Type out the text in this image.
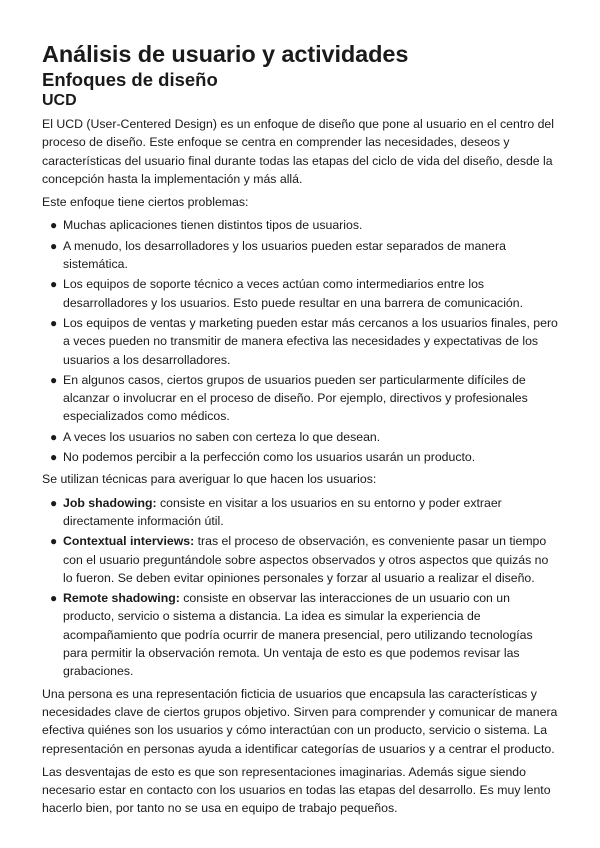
Análisis de usuario y actividades
Enfoques de diseño
UCD

El UCD (User-Centered Design) es un enfoque de diseño que pone al usuario en el centro del proceso de diseño. Este enfoque se centra en comprender las necesidades, deseos y características del usuario final durante todas las etapas del ciclo de vida del diseño, desde la concepción hasta la implementación y más allá.

Este enfoque tiene ciertos problemas:

● Muchas aplicaciones tienen distintos tipos de usuarios.
● A menudo, los desarrolladores y los usuarios pueden estar separados de manera sistemática.
● Los equipos de soporte técnico a veces actúan como intermediarios entre los desarrolladores y los usuarios. Esto puede resultar en una barrera de comunicación.
● Los equipos de ventas y marketing pueden estar más cercanos a los usuarios finales, pero a veces pueden no transmitir de manera efectiva las necesidades y expectativas de los usuarios a los desarrolladores.
● En algunos casos, ciertos grupos de usuarios pueden ser particularmente difíciles de alcanzar o involucrar en el proceso de diseño. Por ejemplo, directivos y profesionales especializados como médicos.
● A veces los usuarios no saben con certeza lo que desean.
● No podemos percibir a la perfección como los usuarios usarán un producto.

Se utilizan técnicas para averiguar lo que hacen los usuarios:

● Job shadowing: consiste en visitar a los usuarios en su entorno y poder extraer directamente información útil.
● Contextual interviews: tras el proceso de observación, es conveniente pasar un tiempo con el usuario preguntándole sobre aspectos observados y otros aspectos que quizás no lo fueron. Se deben evitar opiniones personales y forzar al usuario a realizar el diseño.
● Remote shadowing: consiste en observar las interacciones de un usuario con un producto, servicio o sistema a distancia. La idea es simular la experiencia de acompañamiento que podría ocurrir de manera presencial, pero utilizando tecnologías para permitir la observación remota. Un ventaja de esto es que podemos revisar las grabaciones.

Una persona es una representación ficticia de usuarios que encapsula las características y necesidades clave de ciertos grupos objetivo. Sirven para comprender y comunicar de manera efectiva quiénes son los usuarios y cómo interactúan con un producto, servicio o sistema. La representación en personas ayuda a identificar categorías de usuarios y a centrar el producto.

Las desventajas de esto es que son representaciones imaginarias. Además sigue siendo necesario estar en contacto con los usuarios en todas las etapas del desarrollo. Es muy lento hacerlo bien, por tanto no se usa en equipo de trabajo pequeños.
